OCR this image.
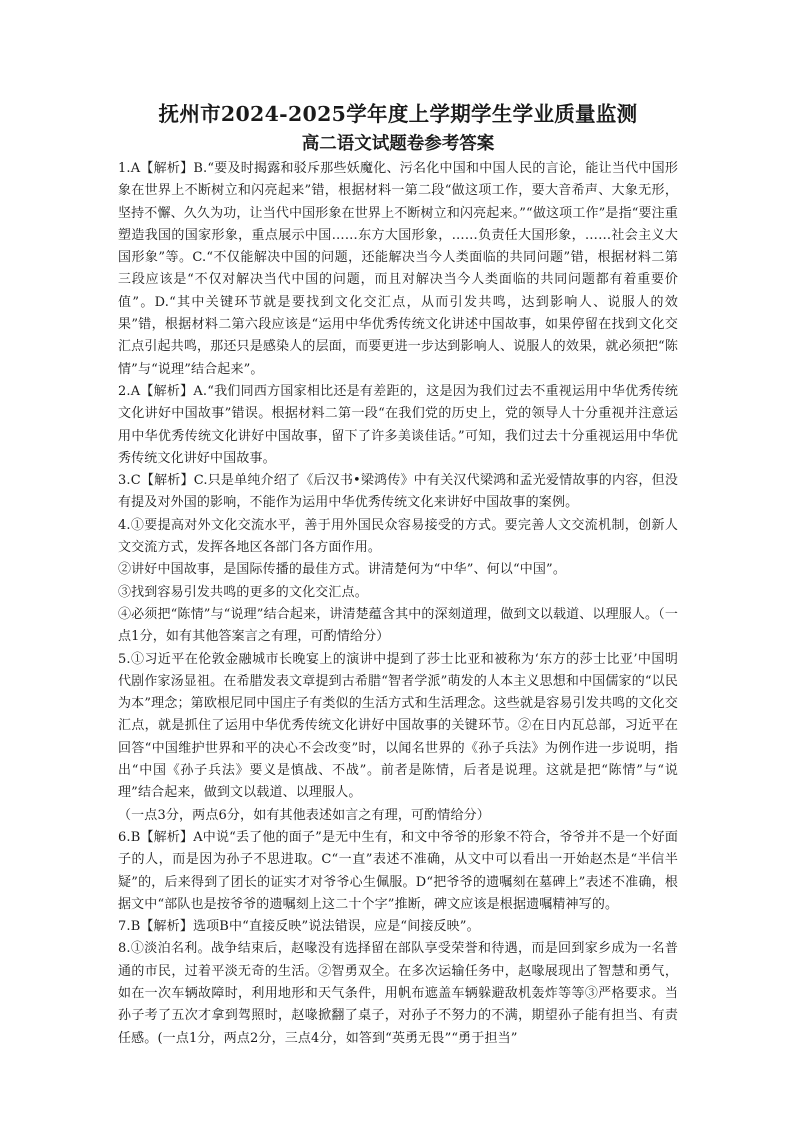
抚州市2024-2025学年度上学期学生学业质量监测
高二语文试题卷参考答案

1.A【解析】B.“要及时揭露和驳斥那些妖魔化、污名化中国和中国人民的言论，能让当代中国形象在世界上不断树立和闪亮起来”错，根据材料一第二段“做这项工作，要大音希声、大象无形，坚持不懈、久久为功，让当代中国形象在世界上不断树立和闪亮起来。”“做这项工作”是指“要注重塑造我国的国家形象，重点展示中国……东方大国形象，……负责任大国形象，……社会主义大国形象”等。C.“不仅能解决中国的问题，还能解决当今人类面临的共同问题”错，根据材料二第三段应该是“不仅对解决当代中国的问题，而且对解决当今人类面临的共同问题都有着重要价值”。D.“其中关键环节就是要找到文化交汇点，从而引发共鸣，达到影响人、说服人的效果”错，根据材料二第六段应该是“运用中华优秀传统文化讲述中国故事，如果停留在找到文化交汇点引起共鸣，那还只是感染人的层面，而要更进一步达到影响人、说服人的效果，就必须把“陈情”与“说理”结合起来”。

2.A【解析】A.“我们同西方国家相比还是有差距的，这是因为我们过去不重视运用中华优秀传统文化讲好中国故事”错误。根据材料二第一段“在我们党的历史上，党的领导人十分重视并注意运用中华优秀传统文化讲好中国故事，留下了许多美谈佳话。”可知，我们过去十分重视运用中华优秀传统文化讲好中国故事。

3.C【解析】C.只是单纯介绍了《后汉书•梁鸿传》中有关汉代梁鸿和孟光爱情故事的内容，但没有提及对外国的影响，不能作为运用中华优秀传统文化来讲好中国故事的案例。

4.①要提高对外文化交流水平，善于用外国民众容易接受的方式。要完善人文交流机制，创新人文交流方式，发挥各地区各部门各方面作用。

②讲好中国故事，是国际传播的最佳方式。讲清楚何为“中华”、何以“中国”。

③找到容易引发共鸣的更多的文化交汇点。

④必须把“陈情”与“说理”结合起来，讲清楚蕴含其中的深刻道理，做到文以载道、以理服人。（一点1分，如有其他答案言之有理，可酌情给分）

5.①习近平在伦敦金融城市长晚宴上的演讲中提到了莎士比亚和被称为‘东方的莎士比亚’中国明代剧作家汤显祖。在希腊发表文章提到古希腊“智者学派”萌发的人本主义思想和中国儒家的“以民为本”理念；第欧根尼同中国庄子有类似的生活方式和生活理念。这些就是容易引发共鸣的文化交汇点，就是抓住了运用中华优秀传统文化讲好中国故事的关键环节。②在日内瓦总部，习近平在回答“中国维护世界和平的决心不会改变”时，以闻名世界的《孙子兵法》为例作进一步说明，指出“中国《孙子兵法》要义是慎战、不战”。前者是陈情，后者是说理。这就是把“陈情”与“说理”结合起来，做到文以载道、以理服人。

（一点3分，两点6分，如有其他表述如言之有理，可酌情给分）

6.B【解析】A中说“丢了他的面子”是无中生有，和文中爷爷的形象不符合，爷爷并不是一个好面子的人，而是因为孙子不思进取。C“一直”表述不准确，从文中可以看出一开始赵杰是“半信半疑”的，后来得到了团长的证实才对爷爷心生佩服。D“把爷爷的遗嘱刻在墓碑上”表述不准确，根据文中“部队也是按爷爷的遗嘱刻上这二十个字”推断，碑文应该是根据遗嘱精神写的。

7.B【解析】选项B中“直接反映”说法错误，应是“间接反映”。

8.①淡泊名利。战争结束后，赵喙没有选择留在部队享受荣誉和待遇，而是回到家乡成为一名普通的市民，过着平淡无奇的生活。②智勇双全。在多次运输任务中，赵喙展现出了智慧和勇气，如在一次车辆故障时，利用地形和天气条件，用帆布遮盖车辆躲避敌机轰炸等等③严格要求。当孙子考了五次才拿到驾照时，赵喙掀翻了桌子，对孙子不努力的不满，期望孙子能有担当、有责任感。(一点1分，两点2分，三点4分，如答到“英勇无畏”“勇于担当”
